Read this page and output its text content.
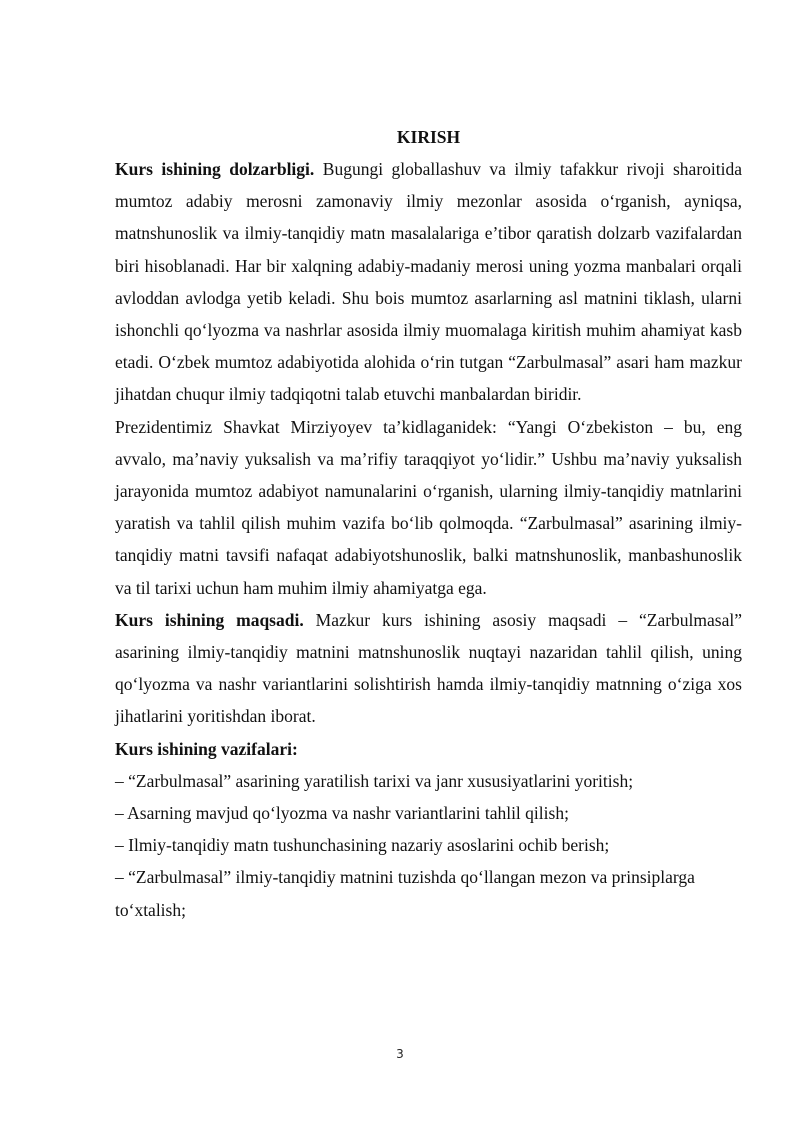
KIRISH

Kurs ishining dolzarbligi. Bugungi globallashuv va ilmiy tafakkur rivoji sharoitida mumtoz adabiy merosni zamonaviy ilmiy mezonlar asosida o‘rganish, ayniqsa, matnshunoslik va ilmiy-tanqidiy matn masalalariga e’tibor qaratish dolzarb vazifalardan biri hisoblanadi. Har bir xalqning adabiy-madaniy merosi uning yozma manbalari orqali avloddan avlodga yetib keladi. Shu bois mumtoz asarlarning asl matnini tiklash, ularni ishonchli qo‘lyozma va nashrlar asosida ilmiy muomalaga kiritish muhim ahamiyat kasb etadi. O‘zbek mumtoz adabiyotida alohida o‘rin tutgan “Zarbulmasal” asari ham mazkur jihatdan chuqur ilmiy tadqiqotni talab etuvchi manbalardan biridir.

Prezidentimiz Shavkat Mirziyoyev ta’kidlaganidek: “Yangi O‘zbekiston – bu, eng avvalo, ma’naviy yuksalish va ma’rifiy taraqqiyot yo‘lidir.” Ushbu ma’naviy yuksalish jarayonida mumtoz adabiyot namunalarini o‘rganish, ularning ilmiy-tanqidiy matnlarini yaratish va tahlil qilish muhim vazifa bo‘lib qolmoqda. “Zarbulmasal” asarining ilmiy-tanqidiy matni tavsifi nafaqat adabiyotshunoslik, balki matnshunoslik, manbashunoslik va til tarixi uchun ham muhim ilmiy ahamiyatga ega.

Kurs ishining maqsadi. Mazkur kurs ishining asosiy maqsadi – “Zarbulmasal” asarining ilmiy-tanqidiy matnini matnshunoslik nuqtayi nazaridan tahlil qilish, uning qo‘lyozma va nashr variantlarini solishtirish hamda ilmiy-tanqidiy matnning o‘ziga xos jihatlarini yoritishdan iborat.

Kurs ishining vazifalari:

– “Zarbulmasal” asarining yaratilish tarixi va janr xususiyatlarini yoritish;

– Asarning mavjud qo‘lyozma va nashr variantlarini tahlil qilish;

– Ilmiy-tanqidiy matn tushunchasining nazariy asoslarini ochib berish;

– “Zarbulmasal” ilmiy-tanqidiy matnini tuzishda qo‘llangan mezon va prinsiplarga to‘xtalish;

3
